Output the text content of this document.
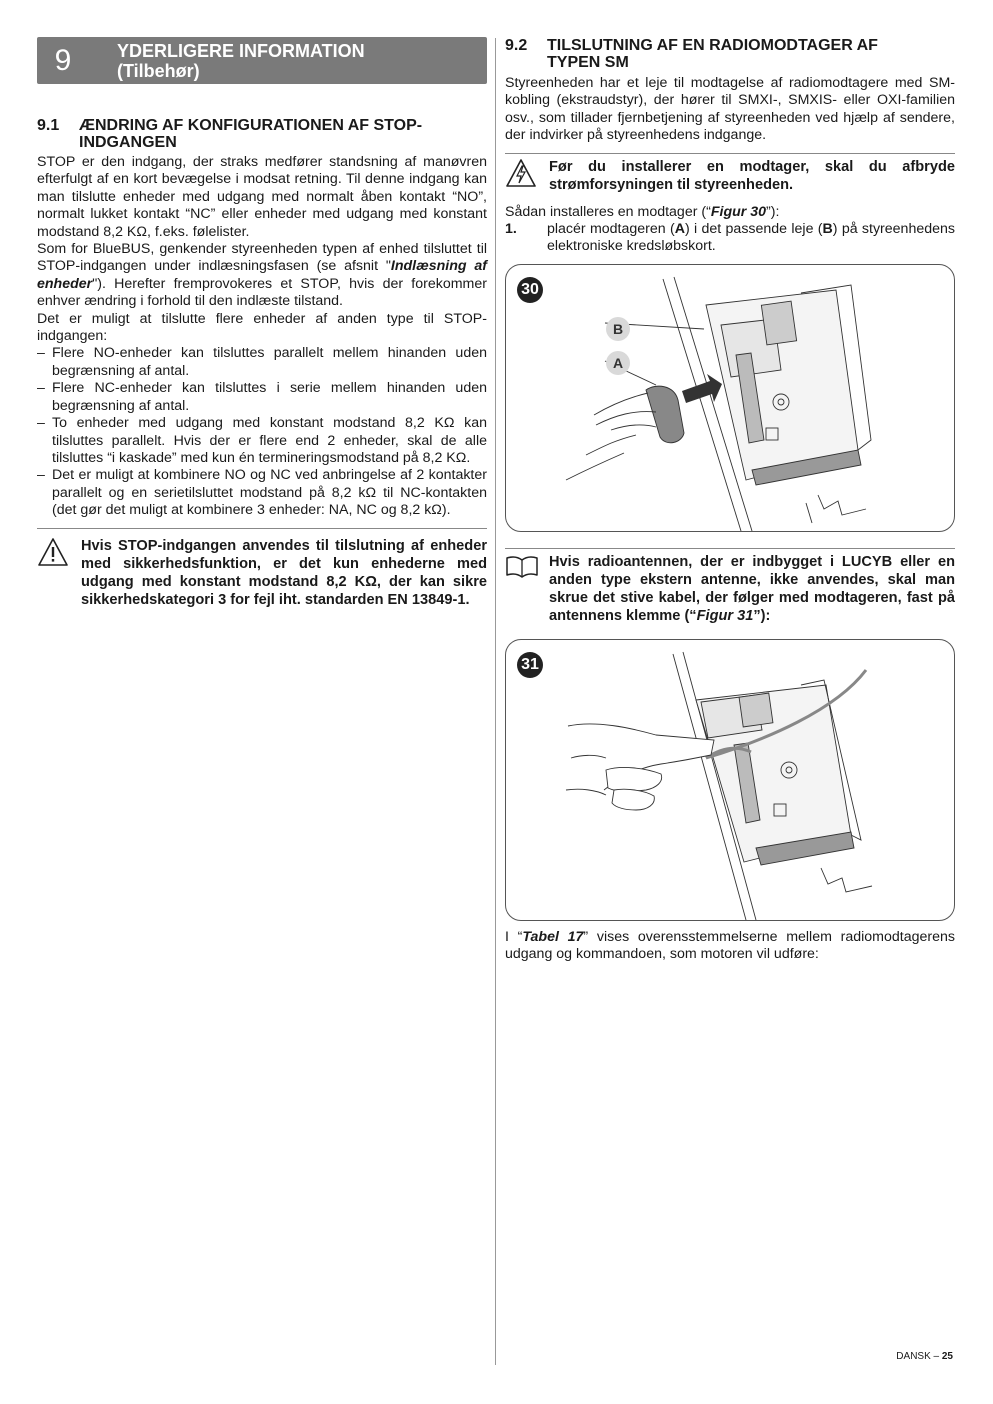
9	YDERLIGERE INFORMATION
(Tilbehør)
9.1	ÆNDRING AF KONFIGURATIONEN AF STOP-
INDGANGEN

STOP er den indgang, der straks medfører standsning af manøvren efterfulgt af en kort bevægelse i modsat retning. Til denne indgang kan man tilslutte enheder med udgang med normalt åben kontakt “NO”, normalt lukket kontakt “NC” eller enheder med udgang med konstant modstand 8,2 KΩ, f.eks. følelister.

Som for BlueBUS, genkender styreenheden typen af enhed tilsluttet til STOP-indgangen under indlæsningsfasen (se afsnit "Indlæsning af enheder"). Herefter fremprovokeres et STOP, hvis der forekommer enhver ændring i forhold til den indlæste tilstand.

Det er muligt at tilslutte flere enheder af anden type til STOP-indgangen:

– Flere NO-enheder kan tilsluttes parallelt mellem hinanden uden begrænsning af antal.
– Flere NC-enheder kan tilsluttes i serie mellem hinanden uden begrænsning af antal.
– To enheder med udgang med konstant modstand 8,2 KΩ kan tilsluttes parallelt. Hvis der er flere end 2 enheder, skal de alle tilsluttes “i kaskade” med kun én termineringsmodstand på 8,2 KΩ.
– Det er muligt at kombinere NO og NC ved anbringelse af 2 kontakter parallelt og en serietilsluttet modstand på 8,2 kΩ til NC-kontakten (det gør det muligt at kombinere 3 enheder: NA, NC og 8,2 kΩ).
Hvis STOP-indgangen anvendes til tilslutning af enheder med sikkerhedsfunktion, er det kun enhederne med udgang med konstant modstand 8,2 KΩ, der kan sikre sikkerhedskategori 3 for fejl iht. standarden EN 13849-1.
9.2	TILSLUTNING AF EN RADIOMODTAGER AF
TYPEN SM

Styreenheden har et leje til modtagelse af radiomodtagere med SM-kobling (ekstraudstyr), der hører til SMXI-, SMXIS- eller OXI-familien osv., som tillader fjernbetjening af styreenheden ved hjælp af sendere, der indvirker på styreenhedens indgange.

Før du installerer en modtager, skal du afbryde strømforsyningen til styreenheden.

Sådan installeres en modtager (“Figur 30”):

1.	placér modtageren (A) i det passende leje (B) på styreenhedens elektroniske kredsløbskort.

30
B
A
Hvis radioantennen, der er indbygget i LUCYB eller en anden type ekstern antenne, ikke anvendes, skal man skrue det stive kabel, der følger med modtageren, fast på antennens klemme (“Figur 31”):
31

I “Tabel 17” vises overensstemmelserne mellem radiomodtagerens udgang og kommandoen, som motoren vil udføre:

DANSK – 25
